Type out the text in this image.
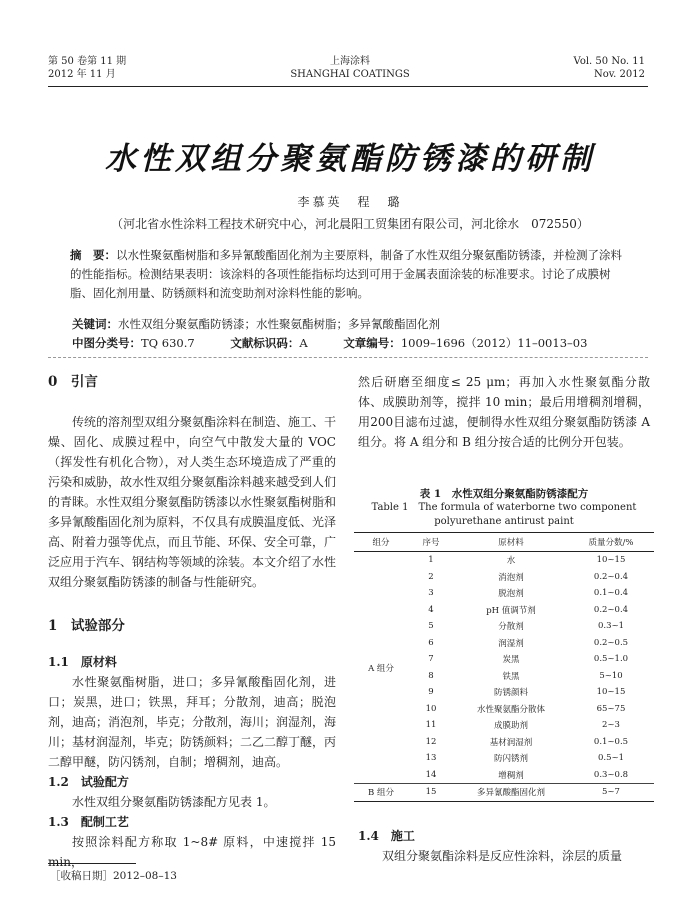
第 50 卷第 11 期
2012 年 11 月
上海涂料
SHANGHAI COATINGS
Vol. 50 No. 11
Nov. 2012
水性双组分聚氨酯防锈漆的研制
李慕英　程　璐
（河北省水性涂料工程技术研究中心，河北晨阳工贸集团有限公司，河北徐水　072550）
摘　要：以水性聚氨酯树脂和多异氰酸酯固化剂为主要原料，制备了水性双组分聚氨酯防锈漆，并检测了涂料的性能指标。检测结果表明：该涂料的各项性能指标均达到可用于金属表面涂装的标准要求。讨论了成膜树脂、固化剂用量、防锈颜料和流变助剂对涂料性能的影响。
关键词：水性双组分聚氨酯防锈漆；水性聚氨酯树脂；多异氰酸酯固化剂
中图分类号：TQ 630.7	文献标识码：A	文章编号：1009–1696（2012）11–0013–03
0　引言

传统的溶剂型双组分聚氨酯涂料在制造、施工、干燥、固化、成膜过程中，向空气中散发大量的 VOC（挥发性有机化合物），对人类生态环境造成了严重的污染和威胁，故水性双组分聚氨酯涂料越来越受到人们的青睐。水性双组分聚氨酯防锈漆以水性聚氨酯树脂和多异氰酸酯固化剂为原料，不仅具有成膜温度低、光泽高、附着力强等优点，而且节能、环保、安全可靠，广泛应用于汽车、钢结构等领域的涂装。本文介绍了水性双组分聚氨酯防锈漆的制备与性能研究。

1　试验部分
1.1　原材料

水性聚氨酯树脂，进口；多异氰酸酯固化剂，进口；炭黑，进口；铁黑，拜耳；分散剂，迪高；脱泡剂，迪高；消泡剂，毕克；分散剂，海川；润湿剂，海川；基材润湿剂，毕克；防锈颜料；二乙二醇丁醚，丙二醇甲醚，防闪锈剂，自制；增稠剂，迪高。

1.2　试验配方

水性双组分聚氨酯防锈漆配方见表 1。

1.3　配制工艺

按照涂料配方称取 1~8# 原料，中速搅拌 15 min，

然后研磨至细度≤ 25 μm；再加入水性聚氨酯分散体、成膜助剂等，搅拌 10 min；最后用增稠剂增稠，用200目滤布过滤，便制得水性双组分聚氨酯防锈漆 A 组分。将 A 组分和 B 组分按合适的比例分开包装。

表 1　水性双组分聚氨酯防锈漆配方
Table 1　The formula of waterborne two component
polyurethane antirust paint
组分	序号	原材料	质量分数/%
A 组分	1	水	10~15
	2	消泡剂	0.2~0.4
	3	脱泡剂	0.1~0.4
	4	pH 值调节剂	0.2~0.4
	5	分散剂	0.3~1
	6	润湿剂	0.2~0.5
	7	炭黑	0.5~1.0
	8	铁黑	5~10
	9	防锈颜料	10~15
	10	水性聚氨酯分散体	65~75
	11	成膜助剂	2~3
	12	基材润湿剂	0.1~0.5
	13	防闪锈剂	0.5~1
	14	增稠剂	0.3~0.8
B 组分	15	多异氰酸酯固化剂	5~7
1.4　施工

双组分聚氨酯涂料是反应性涂料，涂层的质量

［收稿日期］2012–08–13
